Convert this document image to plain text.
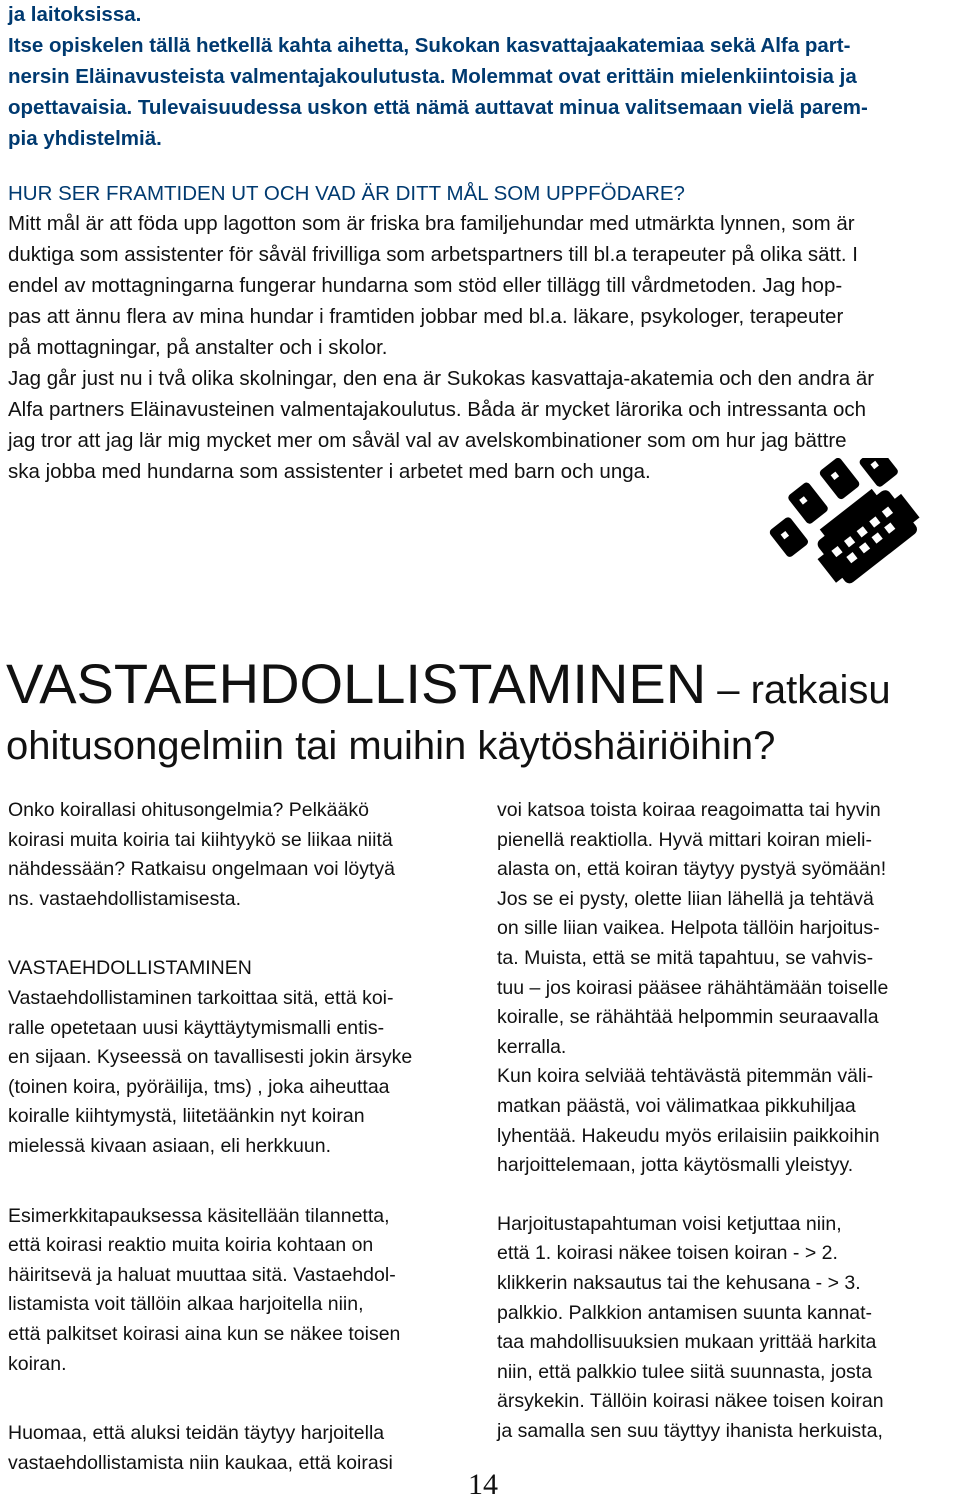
ja laitoksissa.
Itse opiskelen tällä hetkellä kahta aihetta, Sukokan kasvattajaakatemiaa sekä Alfa part-
nersin Eläinavusteista valmentajakoulutusta. Molemmat ovat erittäin mielenkiintoisia ja
opettavaisia. Tulevaisuudessa uskon että nämä auttavat minua valitsemaan vielä parem-
pia yhdistelmiä.
HUR SER FRAMTIDEN UT OCH VAD ÄR DITT MÅL SOM UPPFÖDARE?
Mitt mål är att föda upp lagotton som är friska bra familjehundar med utmärkta lynnen, som är
duktiga som assistenter för såväl frivilliga som arbetspartners till bl.a terapeuter på olika sätt. I
endel av mottagningarna fungerar hundarna som stöd eller tillägg till vårdmetoden. Jag hop-
pas att ännu flera av mina hundar i framtiden jobbar med bl.a. läkare, psykologer, terapeuter
på mottagningar, på anstalter och i skolor.
Jag går just nu i två olika skolningar, den ena är Sukokas kasvattaja-akatemia och den andra är
Alfa partners Eläinavusteinen valmentajakoulutus. Båda är mycket lärorika och intressanta och
jag tror att jag lär mig mycket mer om såväl val av avelskombinationer som om hur jag bättre
ska jobba med hundarna som assistenter i arbetet med barn och unga.
VASTAEHDOLLISTAMINEN – ratkaisu
ohitusongelmiin tai muihin käytöshäiriöihin?
Onko koirallasi ohitusongelmia? Pelkääkö
koirasi muita koiria tai kiihtyykö se liikaa niitä
nähdessään? Ratkaisu ongelmaan voi löytyä
ns. vastaehdollistamisesta.
VASTAEHDOLLISTAMINEN
Vastaehdollistaminen tarkoittaa sitä, että koi-
ralle opetetaan uusi käyttäytymismalli entis-
en sijaan. Kyseessä on tavallisesti jokin ärsyke
(toinen koira, pyöräilija, tms) , joka aiheuttaa
koiralle kiihtymystä, liitetäänkin nyt koiran
mielessä kivaan asiaan, eli herkkuun.
Esimerkkitapauksessa käsitellään tilannetta,
että koirasi reaktio muita koiria kohtaan on
häiritsevä ja haluat muuttaa sitä. Vastaehdol-
listamista voit tällöin alkaa harjoitella niin,
että palkitset koirasi aina kun se näkee toisen
koiran.
Huomaa, että aluksi teidän täytyy harjoitella
vastaehdollistamista niin kaukaa, että koirasi
voi katsoa toista koiraa reagoimatta tai hyvin
pienellä reaktiolla. Hyvä mittari koiran mieli-
alasta on, että koiran täytyy pystyä syömään!
Jos se ei pysty, olette liian lähellä ja tehtävä
on sille liian vaikea. Helpota tällöin harjoitus-
ta. Muista, että se mitä tapahtuu, se vahvis-
tuu – jos koirasi pääsee rähähtämään toiselle
koiralle, se rähähtää helpommin seuraavalla
kerralla.
Kun koira selviää tehtävästä pitemmän väli-
matkan päästä, voi välimatkaa pikkuhiljaa
lyhentää. Hakeudu myös erilaisiin paikkoihin
harjoittelemaan, jotta käytösmalli yleistyy.
Harjoitustapahtuman voisi ketjuttaa niin,
että 1. koirasi näkee toisen koiran - > 2.
klikkerin naksautus tai the kehusana - > 3.
palkkio. Palkkion antamisen suunta kannat-
taa mahdollisuuksien mukaan yrittää harkita
niin, että palkkio tulee siitä suunnasta, josta
ärsykekin. Tällöin koirasi näkee toisen koiran
ja samalla sen suu täyttyy ihanista herkuista,
14
